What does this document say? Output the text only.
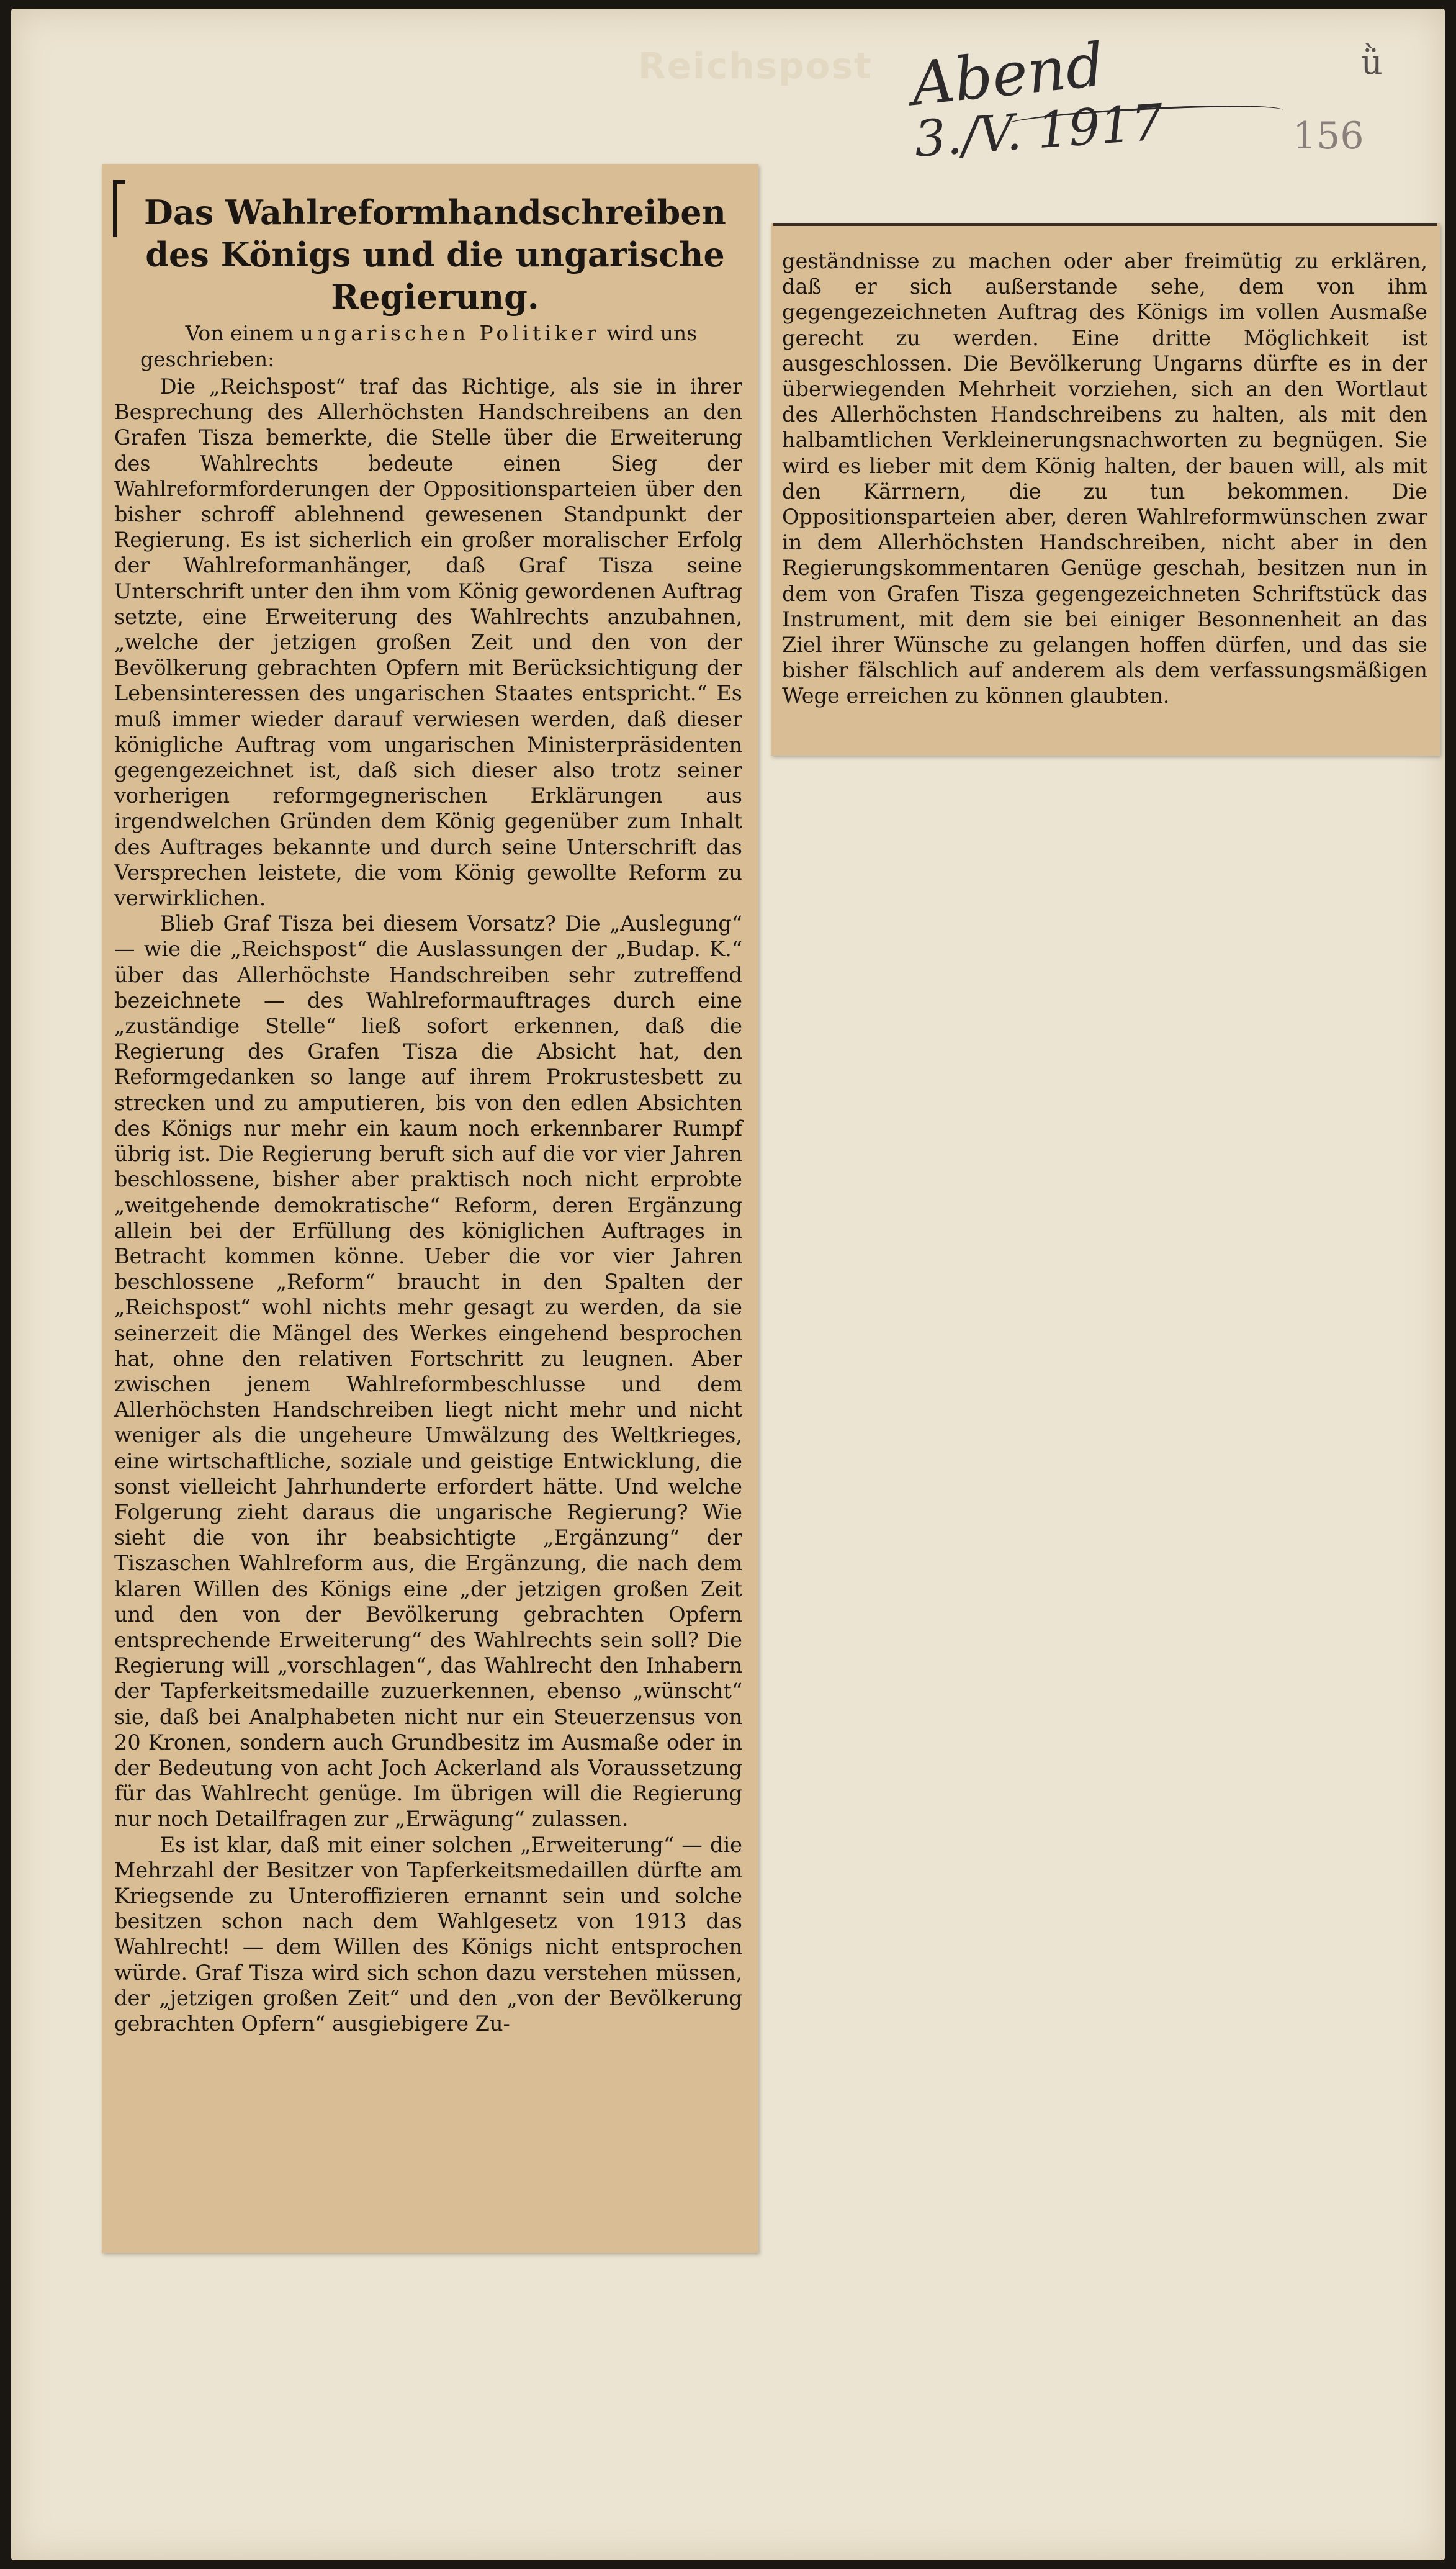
Reichspost Abend
3./V. 1917	156
ǜ
Das Wahlreformhandschreiben
des Königs und die ungarische
Regierung.
Von einem ungarischen Politiker wird uns geschrieben:

Die „Reichspost“ traf das Richtige, als sie in ihrer Besprechung des Allerhöchsten Handschreibens an den Grafen Tisza bemerkte, die Stelle über die Erweiterung des Wahlrechts bedeute einen Sieg der Wahlreformforderungen der Oppositionsparteien über den bisher schroff ablehnend gewesenen Standpunkt der Regierung. Es ist sicherlich ein großer moralischer Erfolg der Wahlreformanhänger, daß Graf Tisza seine Unterschrift unter den ihm vom König gewordenen Auftrag setzte, eine Erweiterung des Wahlrechts anzubahnen, „welche der jetzigen großen Zeit und den von der Bevölkerung gebrachten Opfern mit Berücksichtigung der Lebensinteressen des ungarischen Staates entspricht.“ Es muß immer wieder darauf verwiesen werden, daß dieser königliche Auftrag vom ungarischen Ministerpräsidenten gegengezeichnet ist, daß sich dieser also trotz seiner vorherigen reformgegnerischen Erklärungen aus irgendwelchen Gründen dem König gegenüber zum Inhalt des Auftrages bekannte und durch seine Unterschrift das Versprechen leistete, die vom König gewollte Reform zu verwirklichen.

Blieb Graf Tisza bei diesem Vorsatz? Die „Auslegung“ — wie die „Reichspost“ die Auslassungen der „Budap. K.“ über das Allerhöchste Handschreiben sehr zutreffend bezeichnete — des Wahlreformauftrages durch eine „zuständige Stelle“ ließ sofort erkennen, daß die Regierung des Grafen Tisza die Absicht hat, den Reformgedanken so lange auf ihrem Prokrustesbett zu strecken und zu amputieren, bis von den edlen Absichten des Königs nur mehr ein kaum noch erkennbarer Rumpf übrig ist. Die Regierung beruft sich auf die vor vier Jahren beschlossene, bisher aber praktisch noch nicht erprobte „weitgehende demokratische“ Reform, deren Ergänzung allein bei der Erfüllung des königlichen Auftrages in Betracht kommen könne. Ueber die vor vier Jahren beschlossene „Reform“ braucht in den Spalten der „Reichspost“ wohl nichts mehr gesagt zu werden, da sie seinerzeit die Mängel des Werkes eingehend besprochen hat, ohne den relativen Fortschritt zu leugnen. Aber zwischen jenem Wahlreformbeschlusse und dem Allerhöchsten Handschreiben liegt nicht mehr und nicht weniger als die ungeheure Umwälzung des Weltkrieges, eine wirtschaftliche, soziale und geistige Entwicklung, die sonst vielleicht Jahrhunderte erfordert hätte. Und welche Folgerung zieht daraus die ungarische Regierung? Wie sieht die von ihr beabsichtigte „Ergänzung“ der Tiszaschen Wahlreform aus, die Ergänzung, die nach dem klaren Willen des Königs eine „der jetzigen großen Zeit und den von der Bevölkerung gebrachten Opfern entsprechende Erweiterung“ des Wahlrechts sein soll? Die Regierung will „vorschlagen“, das Wahlrecht den Inhabern der Tapferkeitsmedaille zuzuerkennen, ebenso „wünscht“ sie, daß bei Analphabeten nicht nur ein Steuerzensus von 20 Kronen, sondern auch Grundbesitz im Ausmaße oder in der Bedeutung von acht Joch Ackerland als Voraussetzung für das Wahlrecht genüge. Im übrigen will die Regierung nur noch Detailfragen zur „Erwägung“ zulassen.

Es ist klar, daß mit einer solchen „Erweiterung“ — die Mehrzahl der Besitzer von Tapferkeitsmedaillen dürfte am Kriegsende zu Unteroffizieren ernannt sein und solche besitzen schon nach dem Wahlgesetz von 1913 das Wahlrecht! — dem Willen des Königs nicht entsprochen würde. Graf Tisza wird sich schon dazu verstehen müssen, der „jetzigen großen Zeit“ und den „von der Bevölkerung gebrachten Opfern“ ausgiebigere Zu-

geständnisse zu machen oder aber freimütig zu erklären, daß er sich außerstande sehe, dem von ihm gegengezeichneten Auftrag des Königs im vollen Ausmaße gerecht zu werden. Eine dritte Möglichkeit ist ausgeschlossen. Die Bevölkerung Ungarns dürfte es in der überwiegenden Mehrheit vorziehen, sich an den Wortlaut des Allerhöchsten Handschreibens zu halten, als mit den halbamtlichen Verkleinerungsnachworten zu begnügen. Sie wird es lieber mit dem König halten, der bauen will, als mit den Kärrnern, die zu tun bekommen. Die Oppositionsparteien aber, deren Wahlreformwünschen zwar in dem Allerhöchsten Handschreiben, nicht aber in den Regierungskommentaren Genüge geschah, besitzen nun in dem von Grafen Tisza gegengezeichneten Schriftstück das Instrument, mit dem sie bei einiger Besonnenheit an das Ziel ihrer Wünsche zu gelangen hoffen dürfen, und das sie bisher fälschlich auf anderem als dem verfassungsmäßigen Wege erreichen zu können glaubten.
